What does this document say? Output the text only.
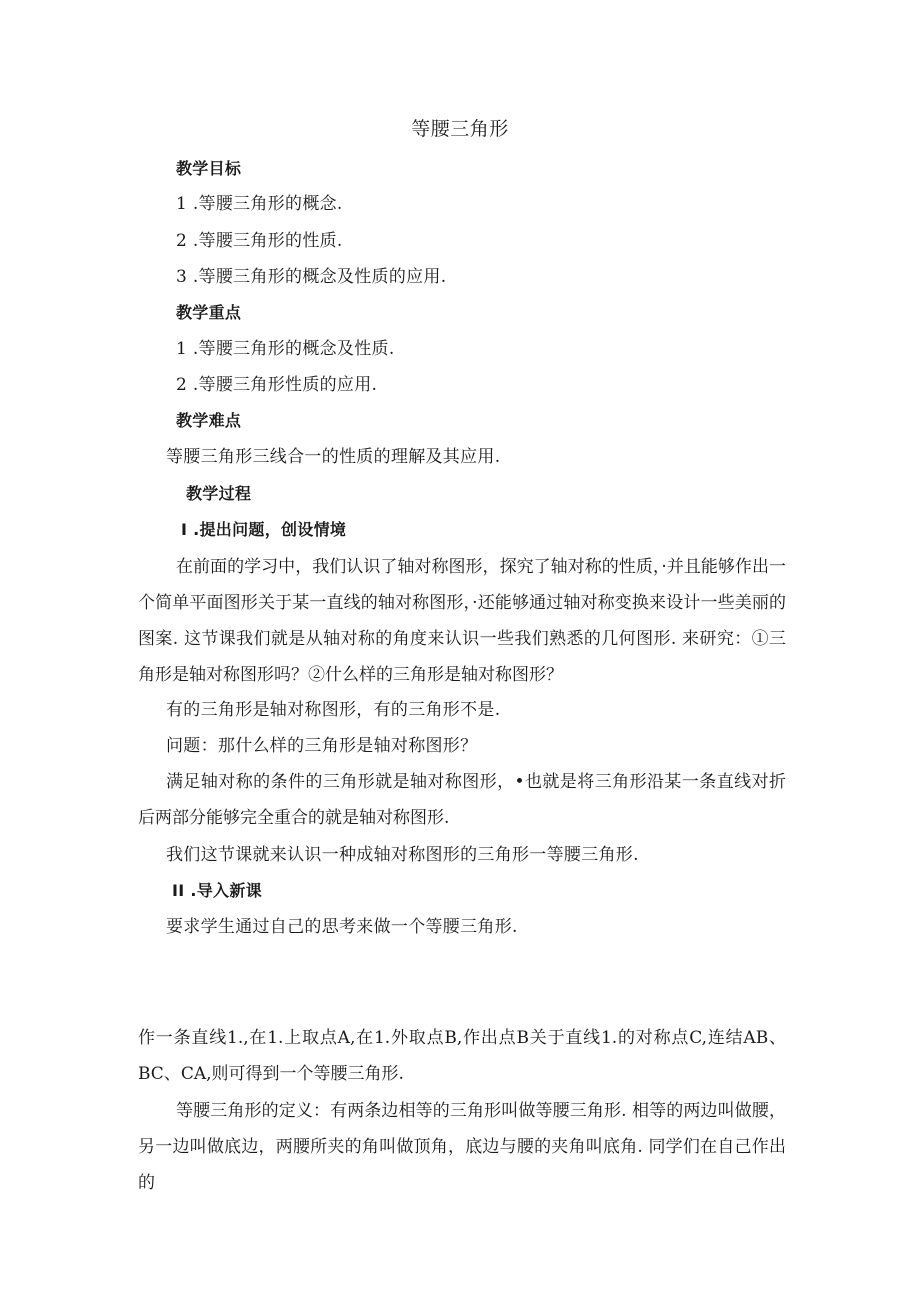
等腰三角形
教学目标
1 .等腰三角形的概念.
2 .等腰三角形的性质.
3 .等腰三角形的概念及性质的应用.
教学重点
1 .等腰三角形的概念及性质.
2 .等腰三角形性质的应用.
教学难点
等腰三角形三线合一的性质的理解及其应用.
教学过程
I .提出问题，创设情境
在前面的学习中，我们认识了轴对称图形，探究了轴对称的性质，·并且能够作出一个简单平面图形关于某一直线的轴对称图形，·还能够通过轴对称变换来设计一些美丽的图案. 这节课我们就是从轴对称的角度来认识一些我们熟悉的几何图形. 来研究：①三角形是轴对称图形吗？②什么样的三角形是轴对称图形？
有的三角形是轴对称图形，有的三角形不是.
问题：那什么样的三角形是轴对称图形？
满足轴对称的条件的三角形就是轴对称图形，•也就是将三角形沿某一条直线对折后两部分能够完全重合的就是轴对称图形.
我们这节课就来认识一种成轴对称图形的三角形一等腰三角形.
II .导入新课
要求学生通过自己的思考来做一个等腰三角形.
作一条直线1.,在1.上取点A,在1.外取点B,作出点B关于直线1.的对称点C,连结AB、BC、CA,则可得到一个等腰三角形.
等腰三角形的定义：有两条边相等的三角形叫做等腰三角形. 相等的两边叫做腰，另一边叫做底边，两腰所夹的角叫做顶角，底边与腰的夹角叫底角. 同学们在自己作出的
